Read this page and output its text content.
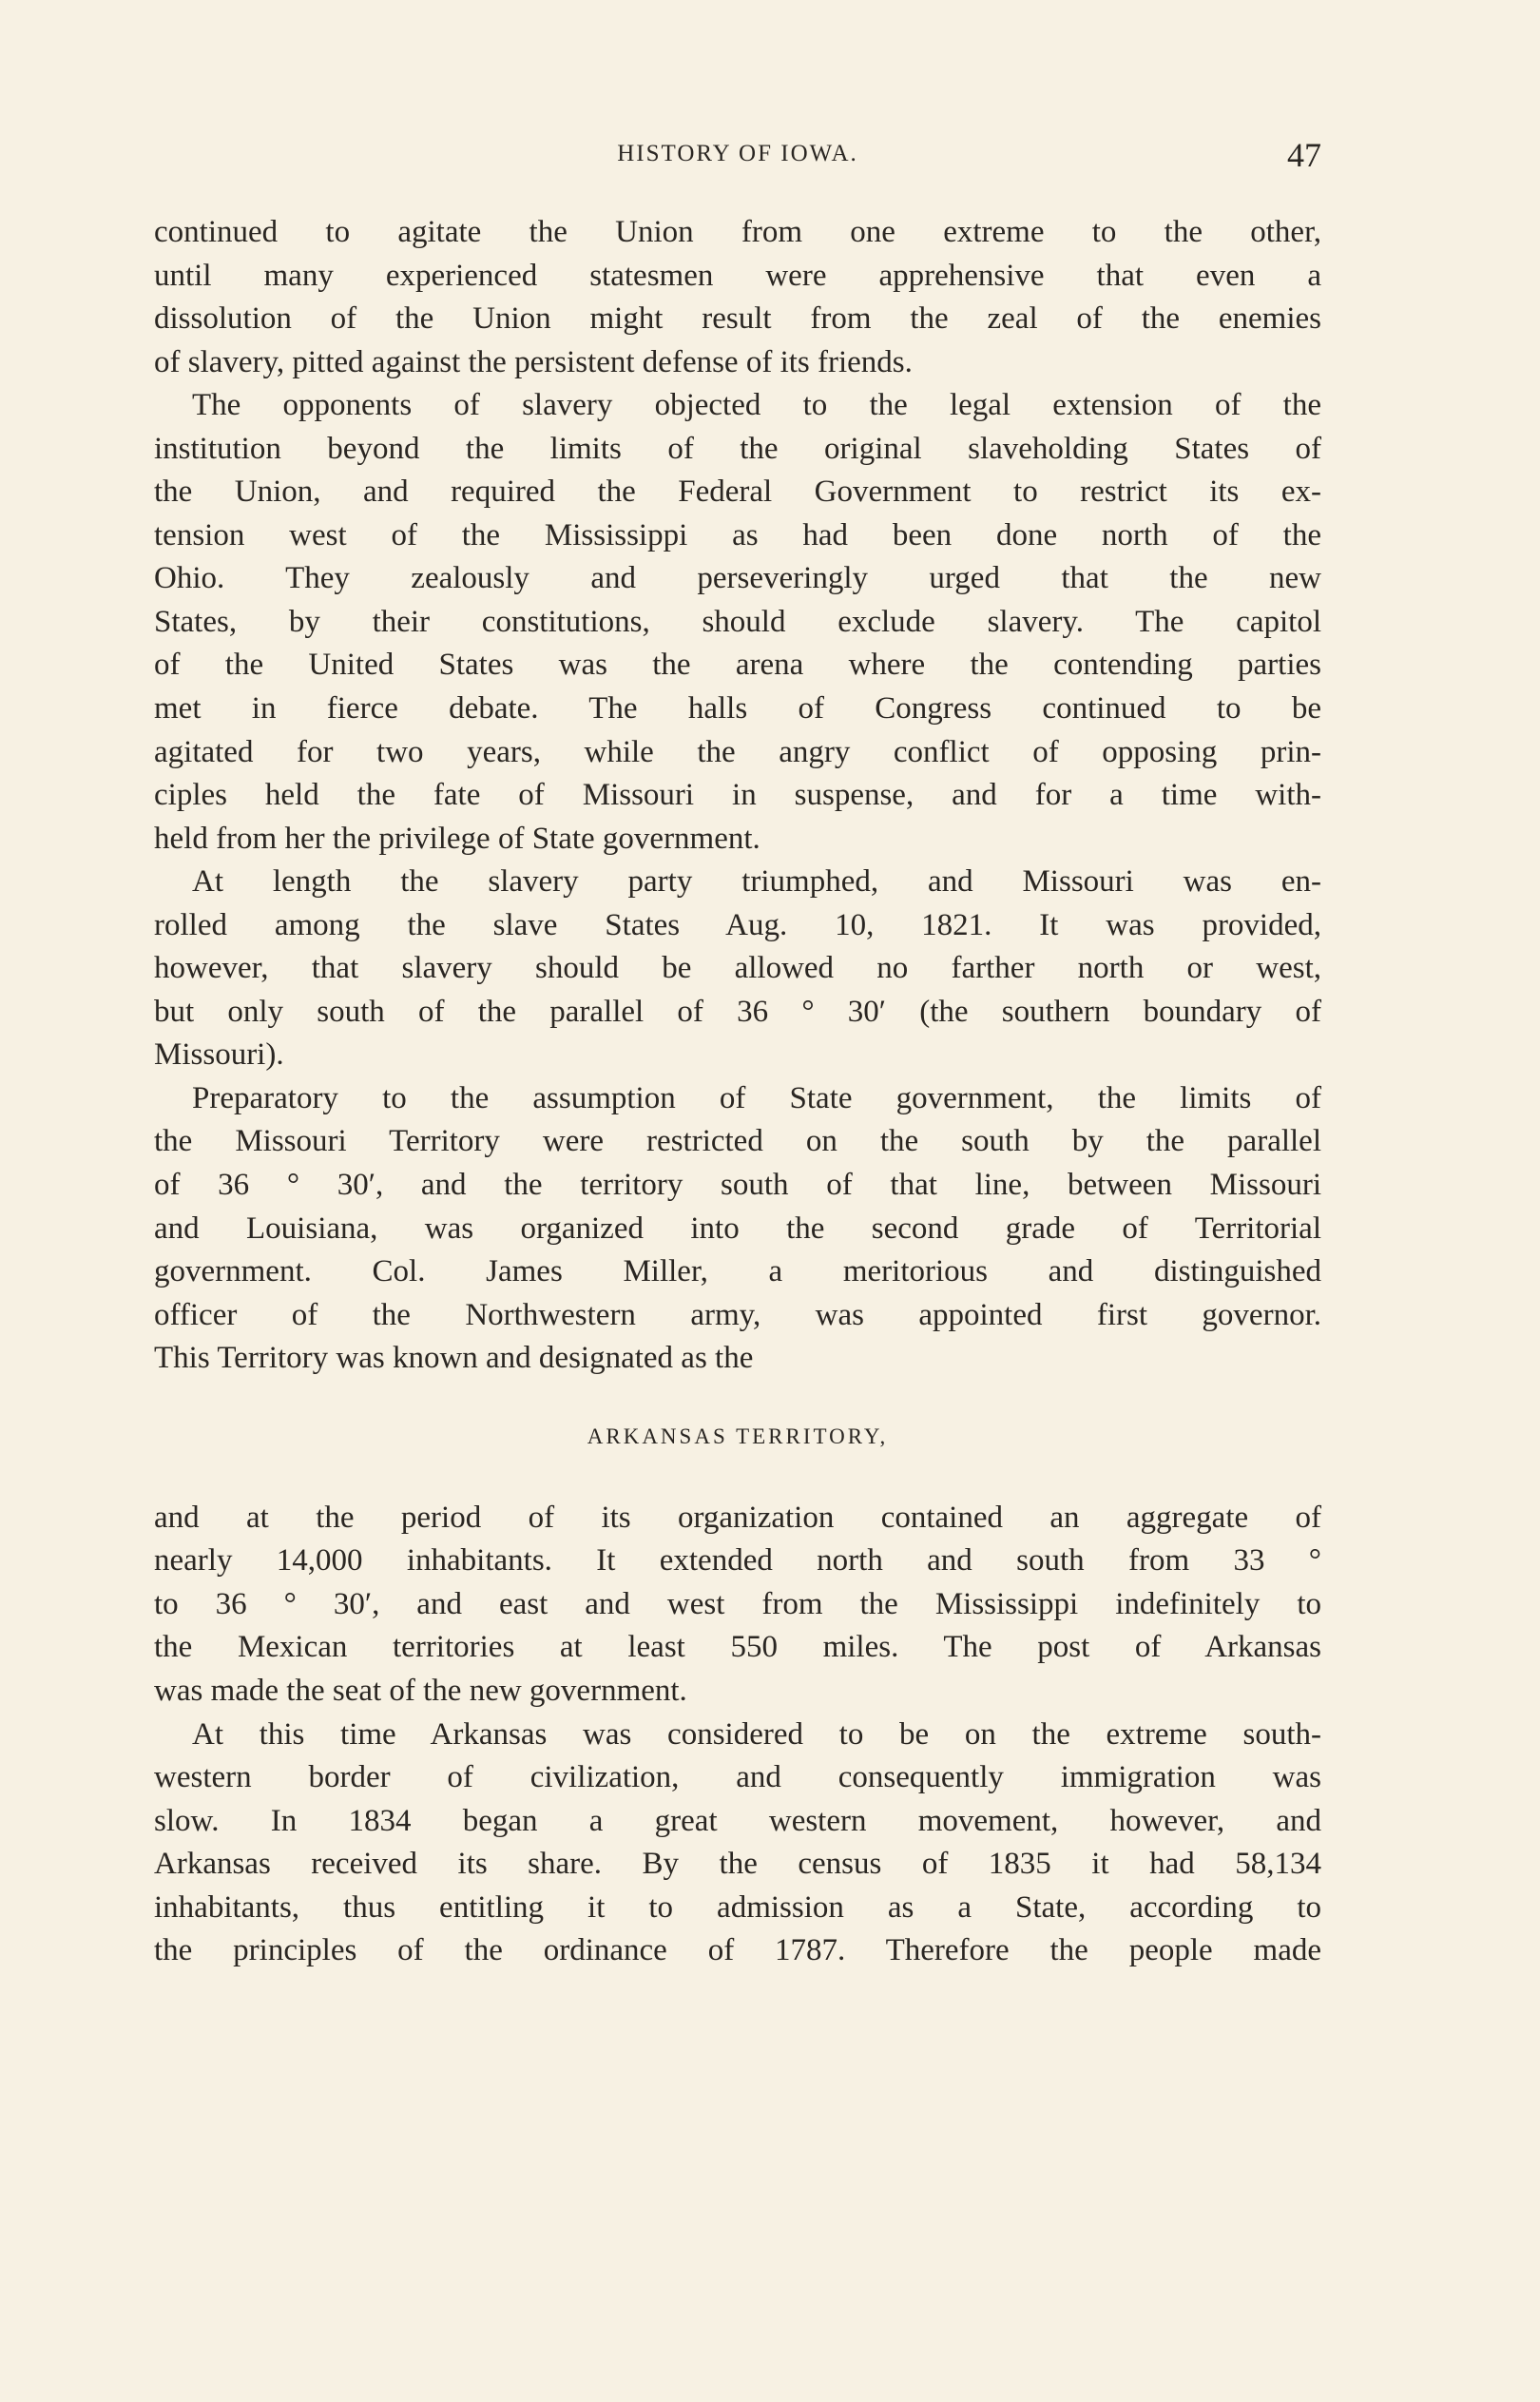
HISTORY OF IOWA.	47
continued to agitate the Union from one extreme to the other,
until many experienced statesmen were apprehensive that even a
dissolution of the Union might result from the zeal of the enemies
of slavery, pitted against the persistent defense of its friends.
The opponents of slavery objected to the legal extension of the
institution beyond the limits of the original slaveholding States of
the Union, and required the Federal Government to restrict its ex-
tension west of the Mississippi as had been done north of the
Ohio. They zealously and perseveringly urged that the new
States, by their constitutions, should exclude slavery. The capitol
of the United States was the arena where the contending parties
met in fierce debate. The halls of Congress continued to be
agitated for two years, while the angry conflict of opposing prin-
ciples held the fate of Missouri in suspense, and for a time with-
held from her the privilege of State government.
At length the slavery party triumphed, and Missouri was en-
rolled among the slave States Aug. 10, 1821. It was provided,
however, that slavery should be allowed no farther north or west,
but only south of the parallel of 36 ° 30′ (the southern boundary of
Missouri).
Preparatory to the assumption of State government, the limits of
the Missouri Territory were restricted on the south by the parallel
of 36 ° 30′, and the territory south of that line, between Missouri
and Louisiana, was organized into the second grade of Territorial
government. Col. James Miller, a meritorious and distinguished
officer of the Northwestern army, was appointed first governor.
This Territory was known and designated as the
ARKANSAS TERRITORY,
and at the period of its organization contained an aggregate of
nearly 14,000 inhabitants. It extended north and south from 33 °
to 36 ° 30′, and east and west from the Mississippi indefinitely to
the Mexican territories at least 550 miles. The post of Arkansas
was made the seat of the new government.
At this time Arkansas was considered to be on the extreme south-
western border of civilization, and consequently immigration was
slow. In 1834 began a great western movement, however, and
Arkansas received its share. By the census of 1835 it had 58,134
inhabitants, thus entitling it to admission as a State, according to
the principles of the ordinance of 1787. Therefore the people made
